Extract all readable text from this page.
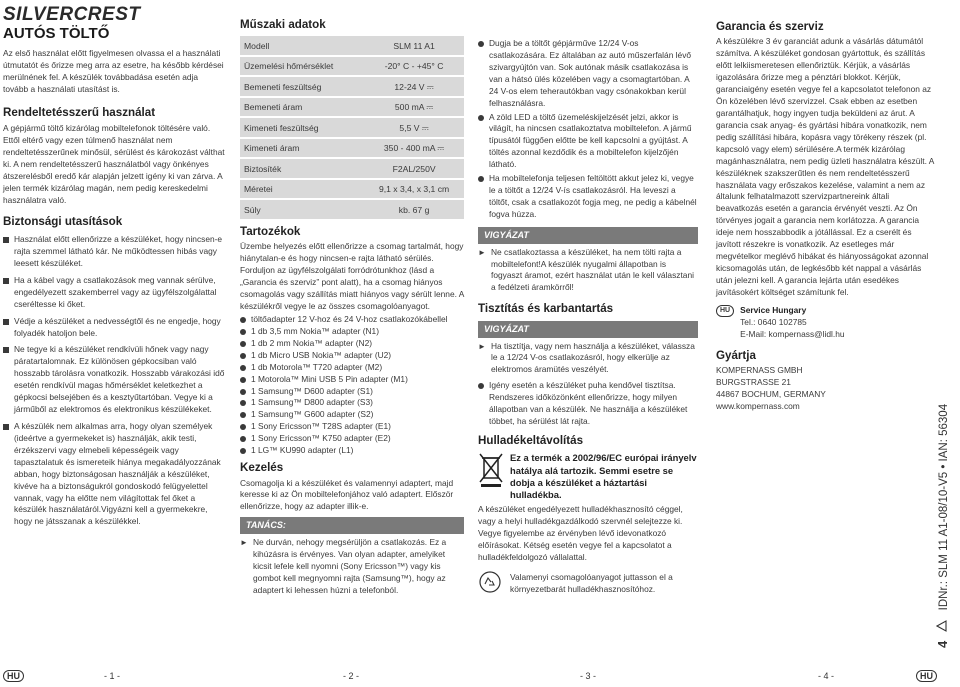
SILVERCREST
AUTÓS TÖLTŐ

Az első használat előtt figyelmesen olvassa el a használati útmutatót és őrizze meg arra az esetre, ha később kérdései merülnének fel. A készülék továbbadása esetén adja tovább a használati utasítást is.

Rendeltetésszerű használat

A gépjármű töltő kizárólag mobiltelefonok töltésére való. Ettől eltérő vagy ezen túlmenő használat nem rendeltetésszerűnek minősül, sérülést és károkozást válthat ki. A nem rendeltetésszerű használatból vagy önkényes átszerelésből eredő kár alapján jelzett igény ki van zárva. A jelen termék kizárólag magán, nem pedig kereskedelmi használatra való.

Biztonsági utasítások

Használat előtt ellenőrizze a készüléket, hogy nincsen-e rajta szemmel látható kár. Ne működtessen hibás vagy leesett készüléket.
Ha a kábel vagy a csatlakozások meg vannak sérülve, engedélyezett szakemberrel vagy az ügyfélszolgálattal cseréltesse ki őket.
Védje a készüléket a nedvességtől és ne engedje, hogy folyadék hatoljon bele.
Ne tegye ki a készüléket rendkívüli hőnek vagy nagy páratartalomnak. Ez különösen gépkocsiban való hosszabb tárolásra vonatkozik. Hosszabb várakozási idő esetén rendkívül magas hőmérséklet keletkezhet a gépkocsi belsejében és a kesztyűtartóban. Vegye ki a járműből az elektromos és elektronikus készülékeket.
A készülék nem alkalmas arra, hogy olyan személyek (ideértve a gyermekeket is) használják, akik testi, érzékszervi vagy elmebeli képességeik vagy tapasztalatuk és ismereteik hiánya megakadályozzának abban, hogy biztonságosan használják a készüléket, kivéve ha a biztonságukról gondoskodó felügyelettel vannak, vagy ha előtte nem világítottak fel őket a készülék használatáról.Vigyázni kell a gyermekekre, hogy ne játsszanak a készülékkel.

Műszaki adatok

Modell	SLM 11 A1
Üzemelési hőmérséklet	-20° C - +45° C
Bemeneti feszültség	12-24 V ⎓
Bemeneti áram	500 mA ⎓
Kimeneti feszültség	5,5 V ⎓
Kimeneti áram	350 - 400 mA ⎓
Biztosíték	F2AL/250V
Méretei	9,1 x 3,4, x 3,1 cm
Súly	kb. 67 g

Tartozékok

Üzembe helyezés előtt ellenőrizze a csomag tartalmát, hogy hiánytalan-e és hogy nincsen-e rajta látható sérülés. Forduljon az ügyfélszolgálati forródrótunkhoz (lásd a „Garancia és szerviz” pont alatt), ha a csomag hiányos csomagolás vagy szállítás miatt hiányos vagy sérült lenne. A készülékről vegye le az összes csomagolóanyagot.

töltőadapter 12 V-hoz és 24 V-hoz csatlakozókábellel
1 db 3,5 mm Nokia™ adapter (N1)
1 db 2 mm Nokia™ adapter (N2)
1 db Micro USB Nokia™ adapter (U2)
1 db Motorola™ T720 adapter (M2)
1 Motorola™ Mini USB 5 Pin adapter (M1)
1 Samsung™ D600 adapter (S1)
1 Samsung™ D800 adapter (S3)
1 Samsung™ G600 adapter (S2)
1 Sony Ericsson™ T28S adapter (E1)
1 Sony Ericsson™ K750 adapter (E2)
1 LG™ KU990 adapter (L1)

Kezelés

Csomagolja ki a készüléket és valamennyi adaptert, majd keresse ki az Ön mobiltelefonjához való adaptert. Először ellenőrizze, hogy az adapter illik-e.

TANÁCS:
► Ne durván, nehogy megsérüljön a csatlakozás. Ez a kihúzásra is érvényes. Van olyan adapter, amelyiket kicsit lefele kell nyomni (Sony Ericsson™) vagy kis gombot kell megnyomni rajta (Samsung™), hogy az adaptert ki lehessen húzni a telefonból.
Dugja be a töltőt gépjárműve 12/24 V-os csatlakozására. Ez általában az autó műszerfalán lévő szivargyújtón van. Sok autónak másik csatlakozása is van a hátsó ülés közelében vagy a csomagtartóban. A 24 V-os elem teherautókban vagy csónakokban kerül felhasználásra.
A zöld LED a töltő üzemeléskijelzését jelzi, akkor is világít, ha nincsen csatlakoztatva mobiltelefon. A jármű típusától függően előtte be kell kapcsolni a gyújtást. A töltés azonnal kezdődik és a mobiltelefon kijelzőjén látható.
Ha mobiltelefonja teljesen feltöltött akkut jelez ki, vegye le a töltőt a 12/24 V-ís csatlakozásról. Ha leveszi a töltőt, csak a csatlakozót fogja meg, ne pedig a kábelnél fogva húzza.
VIGYÁZAT
► Ne csatlakoztassa a készüléket, ha nem tölti rajta a mobiltelefont!A készülék nyugalmi állapotban is fogyaszt áramot, ezért használat után le kell választani a fedélzeti áramkörről!

Tisztítás és karbantartás

VIGYÁZAT
► Ha tisztítja, vagy nem használja a készüléket, válassza le a 12/24 V-os csatlakozásról, hogy elkerülje az elektromos áramütés veszélyét.
Igény esetén a készüléket puha kendővel tisztítsa. Rendszeres időközönként ellenőrizze, hogy milyen állapotban van a készülék. Ne használja a készüléket többet, ha sérülést lát rajta.

Hulladékeltávolítás

Ez a termék a 2002/96/EC európai irányelv hatálya alá tartozik. Semmi esetre se dobja a készüléket a háztartási hulladékba.

A készüléket engedélyezett hulladékhasznosító céggel, vagy a helyi hulladékgazdálkodó szervnél selejtezze ki. Vegye figyelembe az érvényben lévő idevonatkozó előírásokat. Kétség esetén vegye fel a kapcsolatot a hulladékfeldolgozó vállalattal.

Valamenyi csomagolóanyagot juttasson el a környezetbarát hulladékhasznosítóhoz.

Garancia és szerviz

A készülékre 3 év garanciát adunk a vásárlás dátumától számítva. A készüléket gondosan gyártottuk, és szállítás előtt lelkiismeretesen ellenőriztük. Kérjük, a vásárlás igazolására őrizze meg a pénztári blokkot. Kérjük, garanciaigény esetén vegye fel a kapcsolatot telefonon az Ön közelében lévő szervizzel. Csak ebben az esetben garantálhatjuk, hogy ingyen tudja beküldeni az árut. A garancia csak anyag- és gyártási hibára vonatkozik, nem pedig szállítási hibára, kopásra vagy törékeny részek (pl. kapcsoló vagy elem) sérülésére.A termék kizárólag magánhasználatra, nem pedig üzleti használatra készült. A készüléknek szakszerűtlen és nem rendeltetésszerű használata vagy erőszakos kezelése, valamint a nem az általunk felhatalmazott szervizpartnereink általi beavatkozás esetén a garancia érvényét veszti. Az Ön törvényes jogait a garancia nem korlátozza. A garancia ideje nem hosszabbodik a jótállással. Ez a cserélt és javított részekre is vonatkozik. Az esetleges már megvételkor meglévő hibákat és hiányosságokat azonnal kicsomagolás után, de legkésőbb két nappal a vásárlás után jelezni kell. A garancia lejárta után esedékes javításokért költséget számítunk fel.

HU	Service Hungary

Tel.: 0640 102785

E-Mail: kompernass@lidl.hu

Gyártja

KOMPERNASS GMBH

BURGSTRASSE 21

44867 BOCHUM, GERMANY

www.kompernass.com

4  IDNr.: SLM 11 A1-08/10-V5 • IAN: 56304
HU	- 1 -	- 2 -	- 3 -	- 4 -	HU
